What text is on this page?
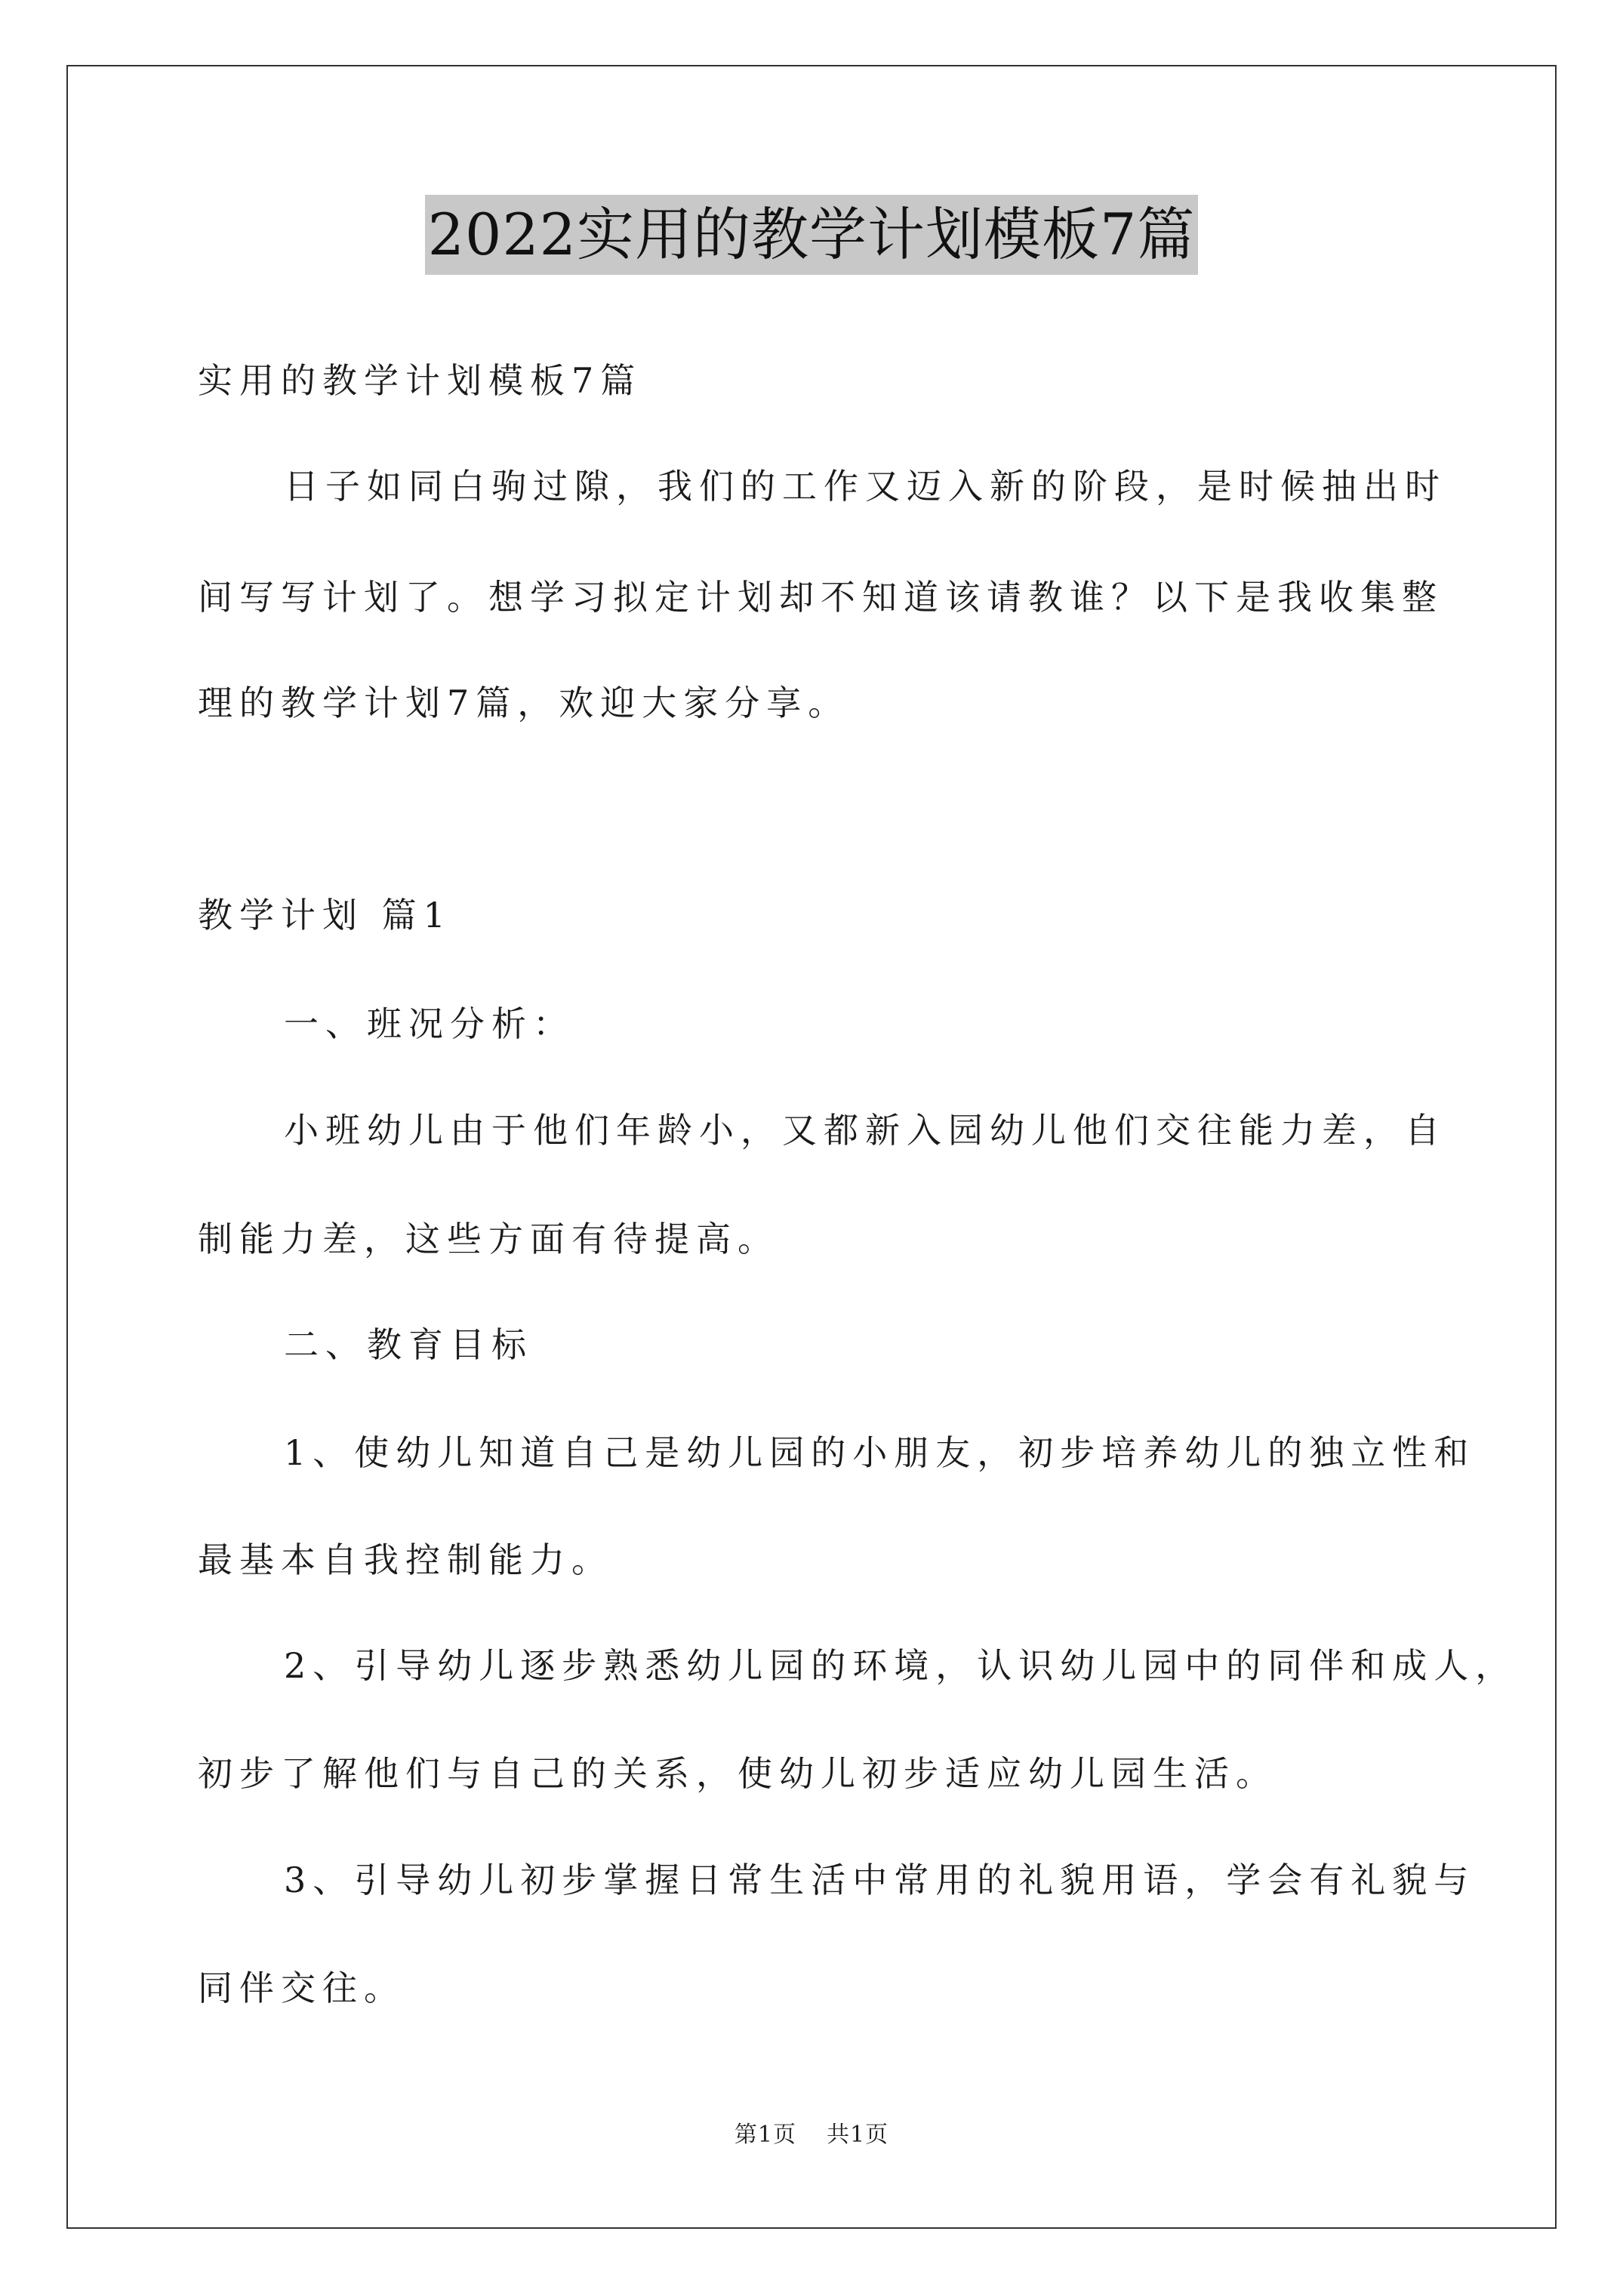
2022实用的教学计划模板7篇

实用的教学计划模板7篇

日子如同白驹过隙，我们的工作又迈入新的阶段，是时候抽出时

间写写计划了。想学习拟定计划却不知道该请教谁？以下是我收集整

理的教学计划7篇，欢迎大家分享。

教学计划 篇1

一、班况分析：

小班幼儿由于他们年龄小，又都新入园幼儿他们交往能力差，自

制能力差，这些方面有待提高。

二、教育目标

1、使幼儿知道自己是幼儿园的小朋友，初步培养幼儿的独立性和

最基本自我控制能力。

2、引导幼儿逐步熟悉幼儿园的环境，认识幼儿园中的同伴和成人，

初步了解他们与自己的关系，使幼儿初步适应幼儿园生活。

3、引导幼儿初步掌握日常生活中常用的礼貌用语，学会有礼貌与

同伴交往。

第1页 共1页
